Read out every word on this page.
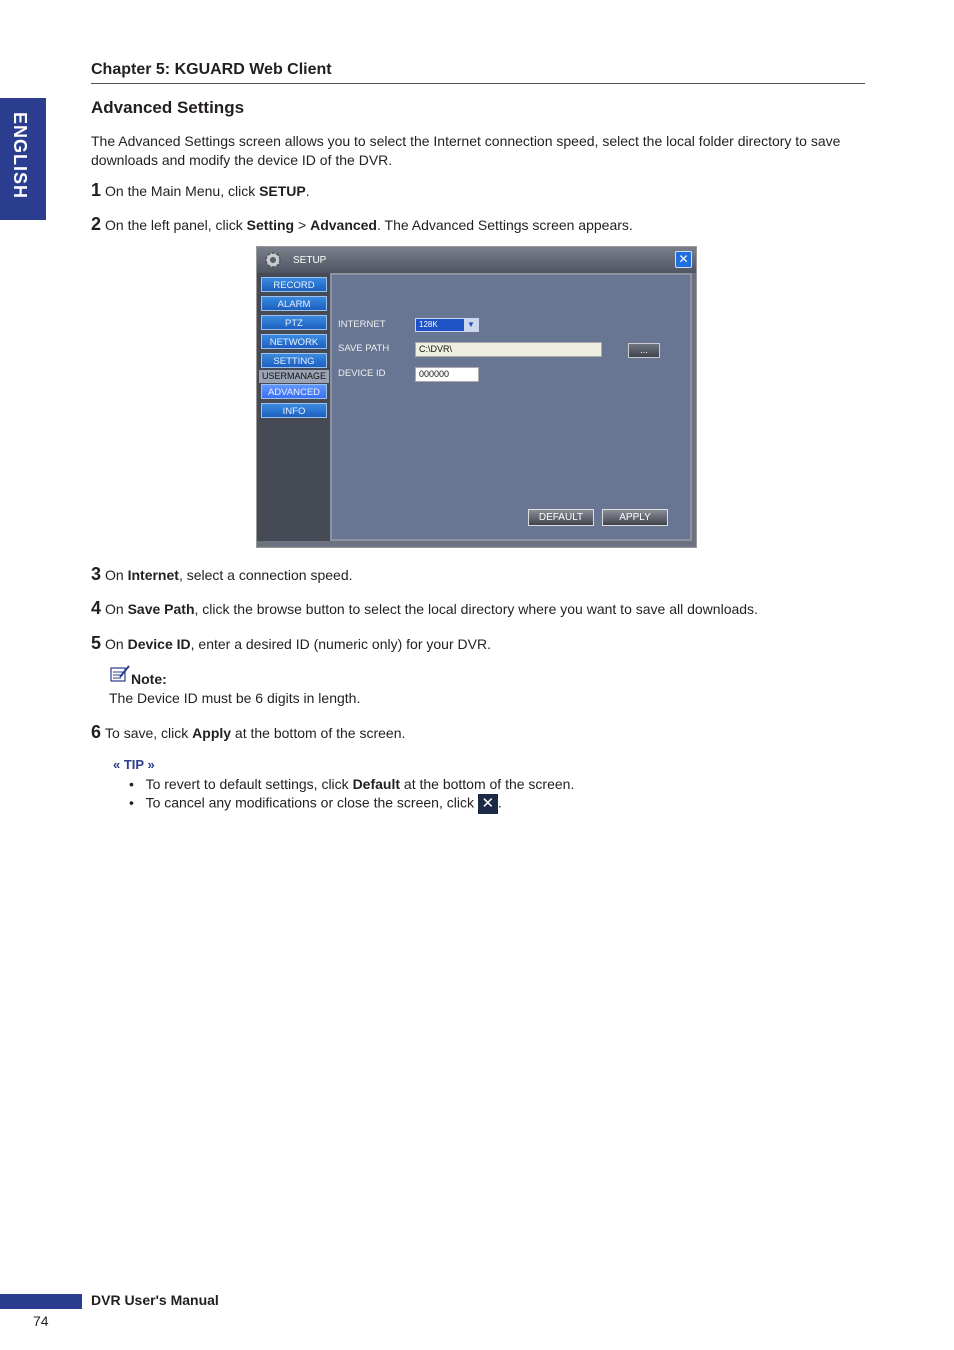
ENGLISH
Chapter 5: KGUARD Web Client
Advanced Settings
The Advanced Settings screen allows you to select the Internet connection speed, select the local folder directory to save downloads and modify the device ID of the DVR.
1 On the Main Menu, click SETUP.
2 On the left panel, click Setting > Advanced. The Advanced Settings screen appears.
SETUP	✕
RECORD
ALARM
PTZ
NETWORK
SETTING
USERMANAGE
ADVANCED
INFO
INTERNET	128K	▼
SAVE PATH	C:\DVR\	...
DEVICE ID	000000
DEFAULT	APPLY
3 On Internet, select a connection speed.
4 On Save Path, click the browse button to select the local directory where you want to save all downloads.
5 On Device ID, enter a desired ID (numeric only) for your DVR.
Note:
The Device ID must be 6 digits in length.
6 To save, click Apply at the bottom of the screen.
« TIP »
•   To revert to default settings, click Default at the bottom of the screen.
•   To cancel any modifications or close the screen, click ✕ .
DVR User's Manual
74
